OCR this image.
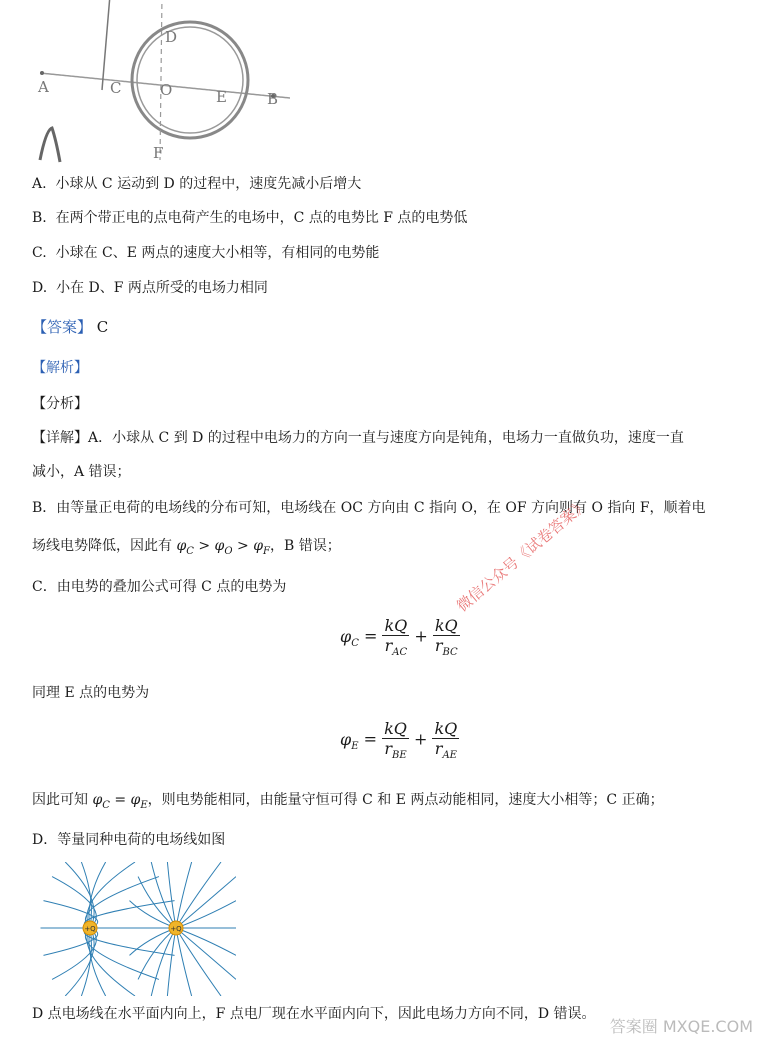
A	C
D
O	E	B
F
A. 小球从 C 运动到 D 的过程中，速度先减小后增大
B. 在两个带正电的点电荷产生的电场中，C 点的电势比 F 点的电势低
C. 小球在 C、E 两点的速度大小相等，有相同的电势能
D. 小在 D、F 两点所受的电场力相同
【答案】 C
【解析】
【分析】
【详解】A．小球从 C 到 D 的过程中电场力的方向一直与速度方向是钝角，电场力一直做负功，速度一直
减小，A 错误；
B．由等量正电荷的电场线的分布可知，电场线在 OC 方向由 C 指向 O，在 OF 方向则有 O 指向 F，顺着电
场线电势降低，因此有 $\varphi_C > \varphi_O > \varphi_F$，B 错误；
C．由电势的叠加公式可得 C 点的电势为
$\varphi_C = \frac{kQ}{r_{AC}} + \frac{kQ}{r_{BC}}$
同理 E 点的电势为
$\varphi_E = \frac{kQ}{r_{BE}} + \frac{kQ}{r_{AE}}$
因此可知 $\varphi_C = \varphi_E$，则电势能相同，由能量守恒可得 C 和 E 两点动能相同，速度大小相等；C 正确；
D．等量同种电荷的电场线如图
+Q	+Q
D 点电场线在水平面内向上，F 点电厂现在水平面内向下，因此电场力方向不同，D 错误。
微信公众号《试卷答案》
答案圈 MXQE.COM
